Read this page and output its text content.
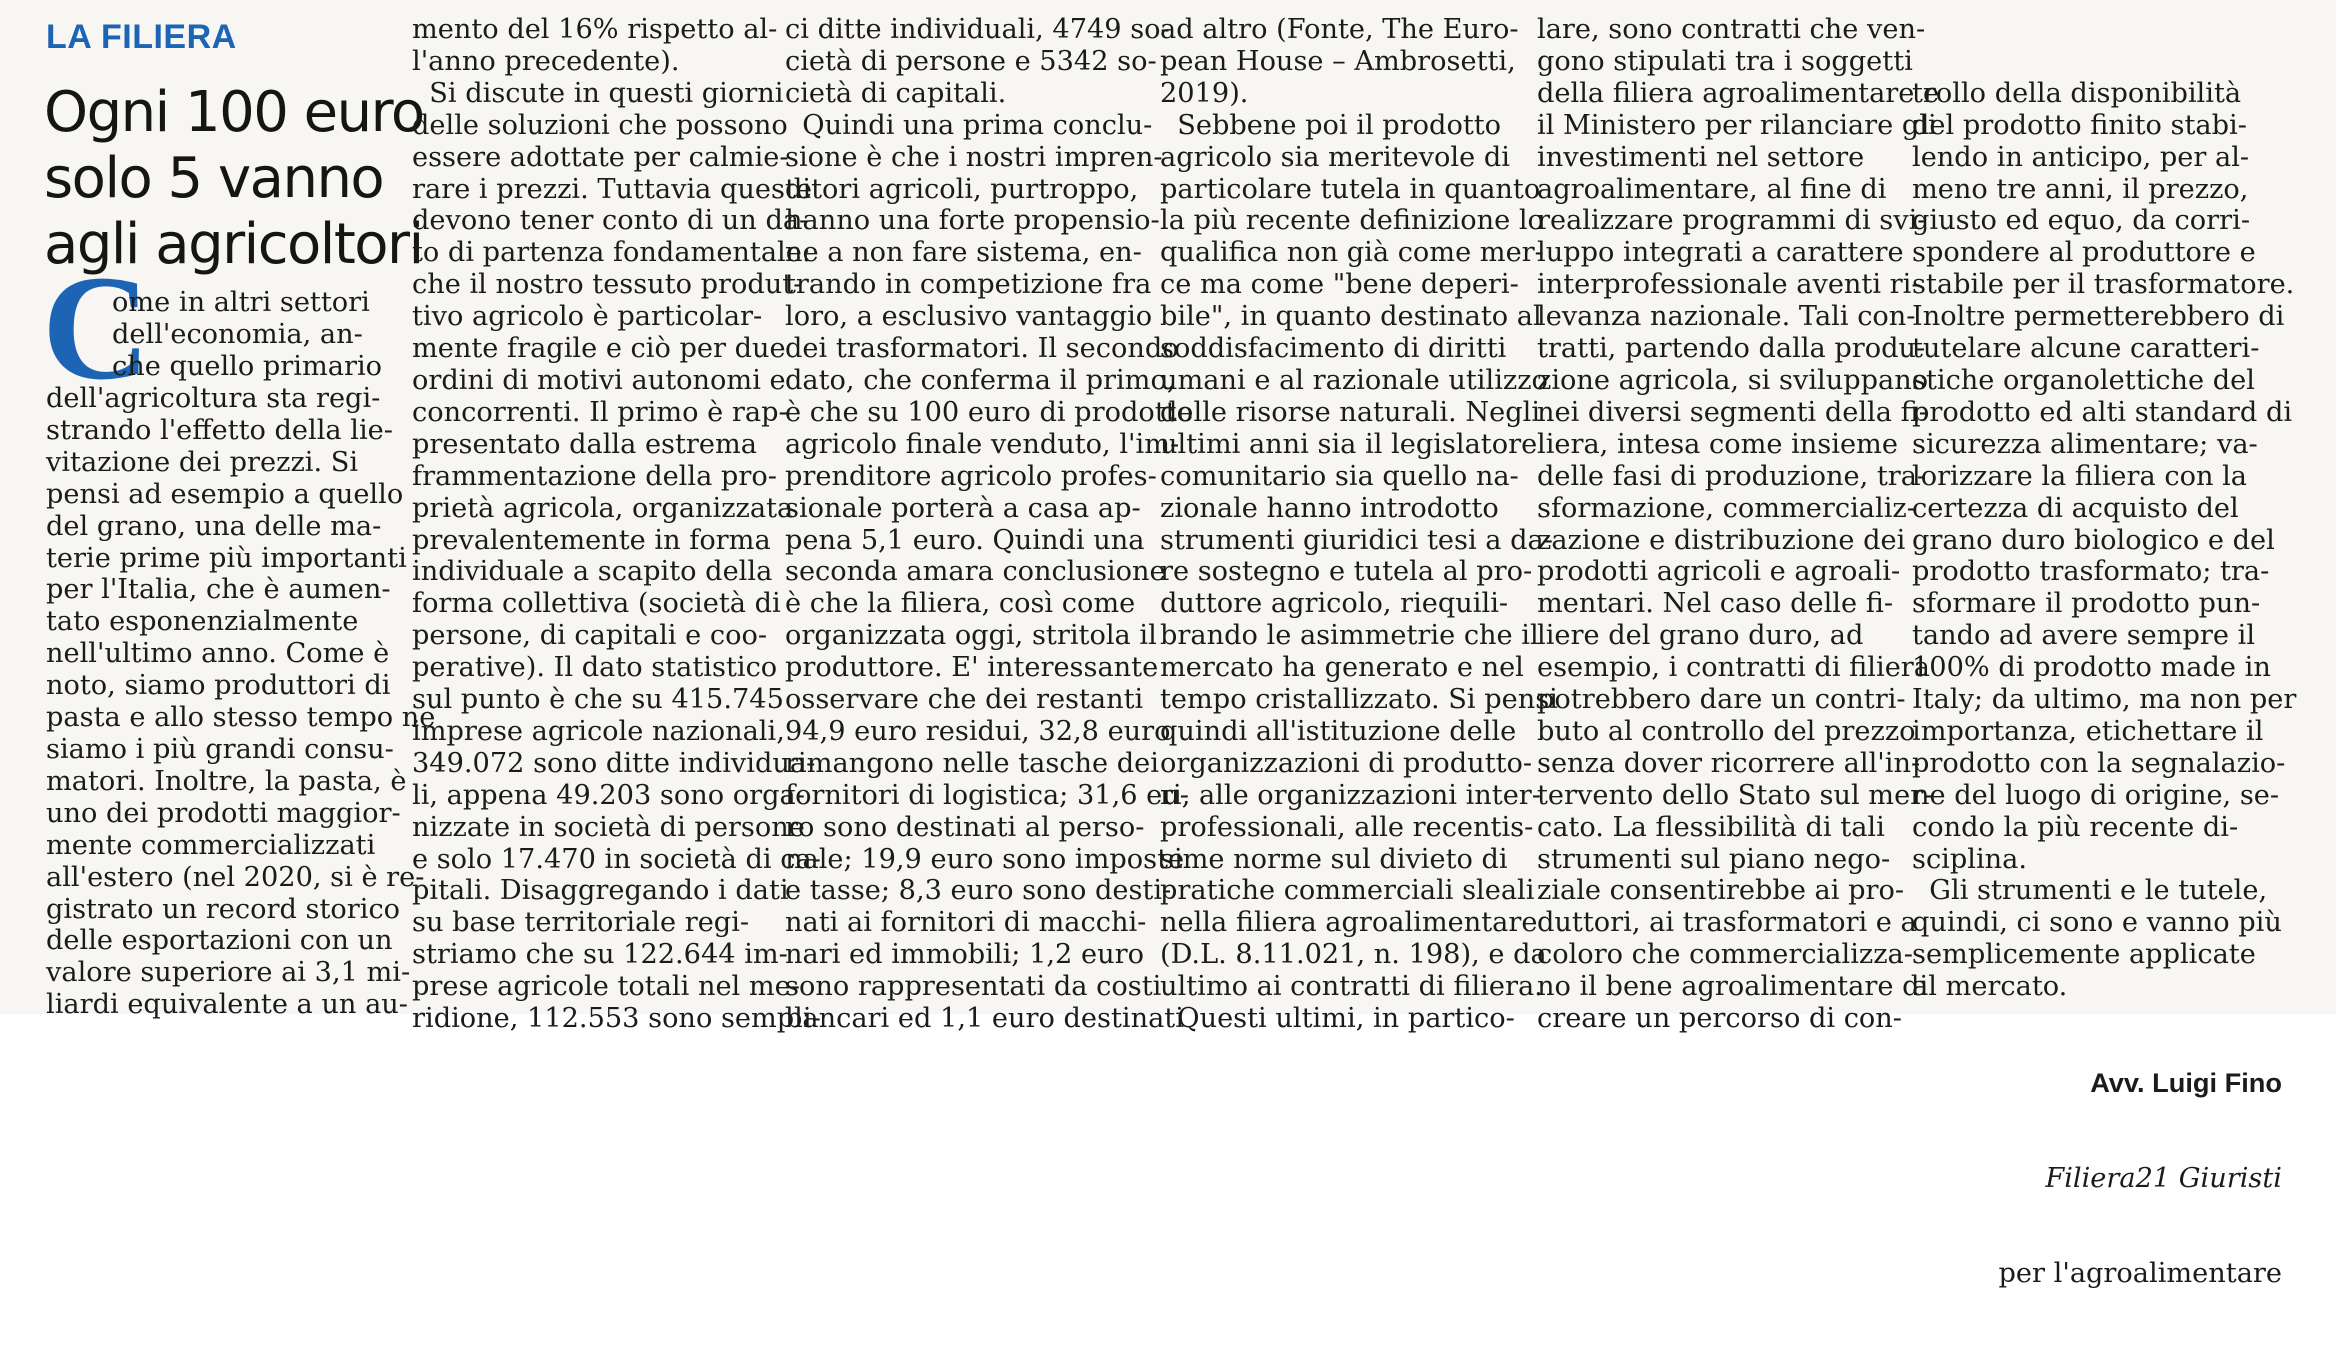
LA FILIERA
Ogni 100 euro
solo 5 vanno
agli agricoltori
C

ome in altri settori

dell'economia, an-

che quello primario

dell'agricoltura sta regi-

strando l'effetto della lie-

vitazione dei prezzi. Si

pensi ad esempio a quello

del grano, una delle ma-

terie prime più importanti

per l'Italia, che è aumen-

tato esponenzialmente

nell'ultimo anno. Come è

noto, siamo produttori di

pasta e allo stesso tempo ne

siamo i più grandi consu-

matori. Inoltre, la pasta, è

uno dei prodotti maggior-

mente commercializzati

all'estero (nel 2020, si è re-

gistrato un record storico

delle esportazioni con un

valore superiore ai 3,1 mi-

liardi equivalente a un au-

mento del 16% rispetto al-

l'anno precedente).

Si discute in questi giorni

delle soluzioni che possono

essere adottate per calmie-

rare i prezzi. Tuttavia queste

devono tener conto di un da-

to di partenza fondamentale:

che il nostro tessuto produt-

tivo agricolo è particolar-

mente fragile e ciò per due

ordini di motivi autonomi e

concorrenti. Il primo è rap-

presentato dalla estrema

frammentazione della pro-

prietà agricola, organizzata

prevalentemente in forma

individuale a scapito della

forma collettiva (società di

persone, di capitali e coo-

perative). Il dato statistico

sul punto è che su 415.745

imprese agricole nazionali,

349.072 sono ditte individua-

li, appena 49.203 sono orga-

nizzate in società di persone

e solo 17.470 in società di ca-

pitali. Disaggregando i dati

su base territoriale regi-

striamo che su 122.644 im-

prese agricole totali nel me-

ridione, 112.553 sono sempli-

ci ditte individuali, 4749 so-

cietà di persone e 5342 so-

cietà di capitali.

Quindi una prima conclu-

sione è che i nostri impren-

ditori agricoli, purtroppo,

hanno una forte propensio-

ne a non fare sistema, en-

trando in competizione fra

loro, a esclusivo vantaggio

dei trasformatori. Il secondo

dato, che conferma il primo,

è che su 100 euro di prodotto

agricolo finale venduto, l'im-

prenditore agricolo profes-

sionale porterà a casa ap-

pena 5,1 euro. Quindi una

seconda amara conclusione

è che la filiera, così come

organizzata oggi, stritola il

produttore. E' interessante

osservare che dei restanti

94,9 euro residui, 32,8 euro

rimangono nelle tasche dei

fornitori di logistica; 31,6 eu-

ro sono destinati al perso-

nale; 19,9 euro sono imposte

e tasse; 8,3 euro sono desti-

nati ai fornitori di macchi-

nari ed immobili; 1,2 euro

sono rappresentati da costi

bancari ed 1,1 euro destinati

ad altro (Fonte, The Euro-

pean House – Ambrosetti,

2019).

Sebbene poi il prodotto

agricolo sia meritevole di

particolare tutela in quanto

la più recente definizione lo

qualifica non già come mer-

ce ma come "bene deperi-

bile", in quanto destinato al

soddisfacimento di diritti

umani e al razionale utilizzo

delle risorse naturali. Negli

ultimi anni sia il legislatore

comunitario sia quello na-

zionale hanno introdotto

strumenti giuridici tesi a da-

re sostegno e tutela al pro-

duttore agricolo, riequili-

brando le asimmetrie che il

mercato ha generato e nel

tempo cristallizzato. Si pensi

quindi all'istituzione delle

organizzazioni di produtto-

ri, alle organizzazioni inter-

professionali, alle recentis-

sime norme sul divieto di

pratiche commerciali sleali

nella filiera agroalimentare

(D.L. 8.11.021, n. 198), e da

ultimo ai contratti di filiera.

Questi ultimi, in partico-

lare, sono contratti che ven-

gono stipulati tra i soggetti

della filiera agroalimentare e

il Ministero per rilanciare gli

investimenti nel settore

agroalimentare, al fine di

realizzare programmi di svi-

luppo integrati a carattere

interprofessionale aventi ri-

levanza nazionale. Tali con-

tratti, partendo dalla produ-

zione agricola, si sviluppano

nei diversi segmenti della fi-

liera, intesa come insieme

delle fasi di produzione, tra-

sformazione, commercializ-

zazione e distribuzione dei

prodotti agricoli e agroali-

mentari. Nel caso delle fi-

liere del grano duro, ad

esempio, i contratti di filiera

potrebbero dare un contri-

buto al controllo del prezzo

senza dover ricorrere all'in-

tervento dello Stato sul mer-

cato. La flessibilità di tali

strumenti sul piano nego-

ziale consentirebbe ai pro-

duttori, ai trasformatori e a

coloro che commercializza-

no il bene agroalimentare di

creare un percorso di con-

trollo della disponibilità

del prodotto finito stabi-

lendo in anticipo, per al-

meno tre anni, il prezzo,

giusto ed equo, da corri-

spondere al produttore e

stabile per il trasformatore.

Inoltre permetterebbero di

tutelare alcune caratteri-

stiche organolettiche del

prodotto ed alti standard di

sicurezza alimentare; va-

lorizzare la filiera con la

certezza di acquisto del

grano duro biologico e del

prodotto trasformato; tra-

sformare il prodotto pun-

tando ad avere sempre il

100% di prodotto made in

Italy; da ultimo, ma non per

importanza, etichettare il

prodotto con la segnalazio-

ne del luogo di origine, se-

condo la più recente di-

sciplina.

Gli strumenti e le tutele,

quindi, ci sono e vanno più

semplicemente applicate

al mercato.

Avv. Luigi Fino

Filiera21 Giuristi

per l'agroalimentare
